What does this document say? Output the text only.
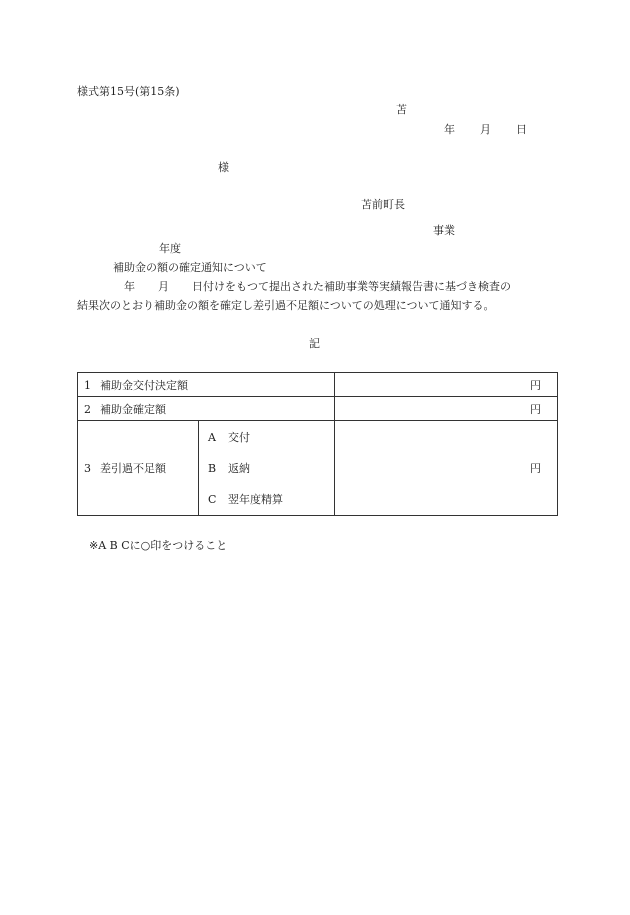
様式第15号(第15条)
苫
年 月 日
様
苫前町長
事業
年度
補助金の額の確定通知について
年 月 日付けをもつて提出された補助事業等実績報告書に基づき検査の
結果次のとおり補助金の額を確定し差引過不足額についての処理について通知する。
記
1 補助金交付決定額		円
2 補助金確定額		円
3 差引過不足額	A 交付
B 返納
C 翌年度精算	円
※A B Cに○印をつけること
